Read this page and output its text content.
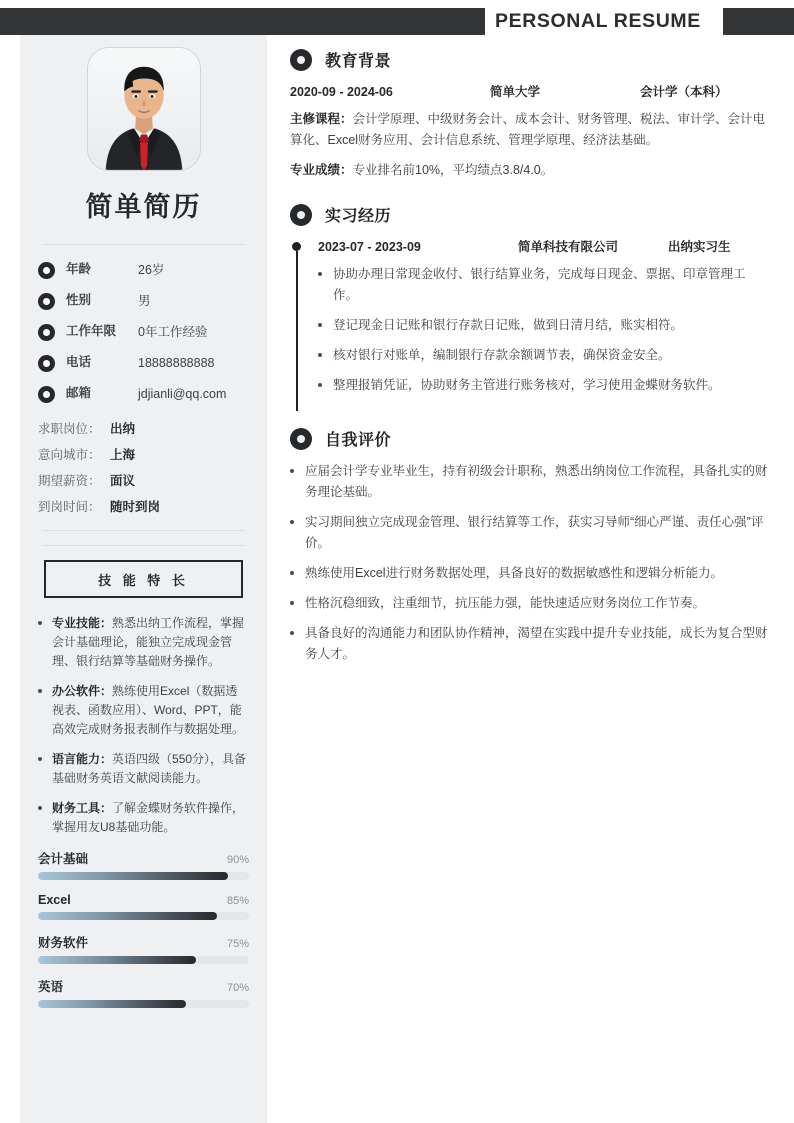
PERSONAL RESUME
简单简历
年龄	26岁
性别	男
工作年限	0年工作经验
电话	18888888888
邮箱	jdjianli@qq.com
求职岗位： 出纳
意向城市： 上海
期望薪资： 面议
到岗时间： 随时到岗
技 能 特 长
专业技能：熟悉出纳工作流程，掌握会计基础理论，能独立完成现金管理、银行结算等基础财务操作。
办公软件：熟练使用Excel（数据透视表、函数应用）、Word、PPT，能高效完成财务报表制作与数据处理。
语言能力：英语四级（550分），具备基础财务英语文献阅读能力。
财务工具：了解金蝶财务软件操作，掌握用友U8基础功能。
会计基础	90%
Excel	85%
财务软件	75%
英语	70%
教育背景
2020-09 - 2024-06	简单大学	会计学（本科）
主修课程：会计学原理、中级财务会计、成本会计、财务管理、税法、审计学、会计电算化、Excel财务应用、会计信息系统、管理学原理、经济法基础。
专业成绩：专业排名前10%，平均绩点3.8/4.0。
实习经历
2023-07 - 2023-09	简单科技有限公司	出纳实习生
协助办理日常现金收付、银行结算业务，完成每日现金、票据、印章管理工作。
登记现金日记账和银行存款日记账，做到日清月结，账实相符。
核对银行对账单，编制银行存款余额调节表，确保资金安全。
整理报销凭证，协助财务主管进行账务核对，学习使用金蝶财务软件。
自我评价
应届会计学专业毕业生，持有初级会计职称，熟悉出纳岗位工作流程，具备扎实的财务理论基础。
实习期间独立完成现金管理、银行结算等工作，获实习导师“细心严谨、责任心强”评价。
熟练使用Excel进行财务数据处理，具备良好的数据敏感性和逻辑分析能力。
性格沉稳细致，注重细节，抗压能力强，能快速适应财务岗位工作节奏。
具备良好的沟通能力和团队协作精神，渴望在实践中提升专业技能，成长为复合型财务人才。
